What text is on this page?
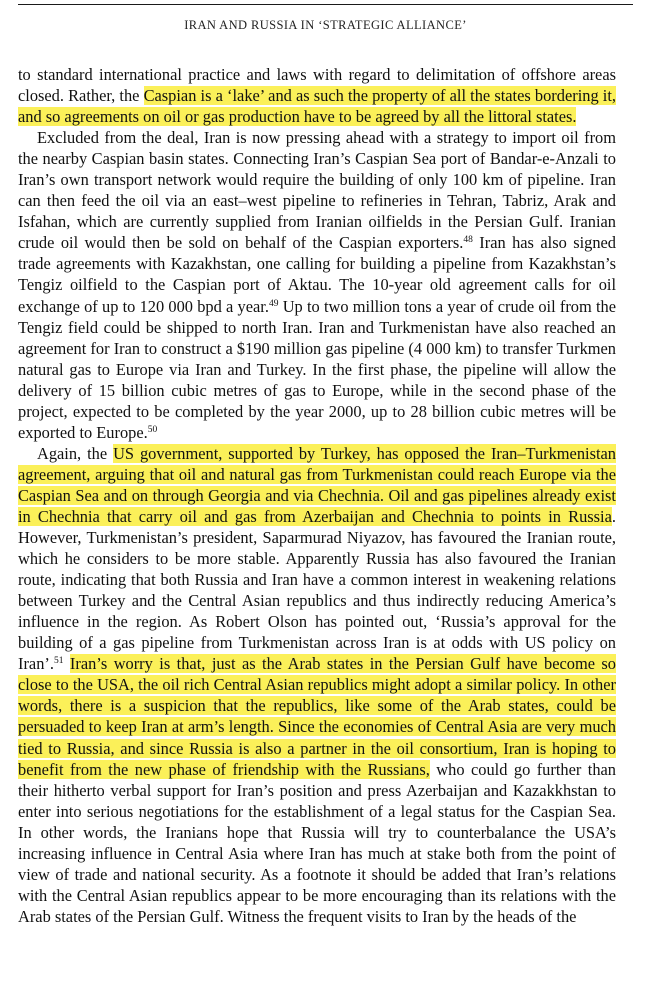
IRAN AND RUSSIA IN ‘STRATEGIC ALLIANCE’

to standard international practice and laws with regard to delimitation of offshore areas closed. Rather, the Caspian is a ‘lake’ and as such the property of all the states bordering it, and so agreements on oil or gas production have to be agreed by all the littoral states.

Excluded from the deal, Iran is now pressing ahead with a strategy to import oil from the nearby Caspian basin states. Connecting Iran’s Caspian Sea port of Bandar-e-Anzali to Iran’s own transport network would require the building of only 100 km of pipeline. Iran can then feed the oil via an east–west pipeline to refineries in Tehran, Tabriz, Arak and Isfahan, which are currently supplied from Iranian oilfields in the Persian Gulf. Iranian crude oil would then be sold on behalf of the Caspian exporters.$^{48}$ Iran has also signed trade agreements with Kazakhstan, one calling for building a pipeline from Kazakhstan’s Tengiz oilfield to the Caspian port of Aktau. The 10-year old agreement calls for oil exchange of up to 120 000 bpd a year.$^{49}$ Up to two million tons a year of crude oil from the Tengiz field could be shipped to north Iran. Iran and Turkmenistan have also reached an agreement for Iran to construct a $190 million gas pipeline (4 000 km) to transfer Turkmen natural gas to Europe via Iran and Turkey. In the first phase, the pipeline will allow the delivery of 15 billion cubic metres of gas to Europe, while in the second phase of the project, expected to be completed by the year 2000, up to 28 billion cubic metres will be exported to Europe.$^{50}$

Again, the US government, supported by Turkey, has opposed the Iran–Turkmenistan agreement, arguing that oil and natural gas from Turkmenistan could reach Europe via the Caspian Sea and on through Georgia and via Chechnia. Oil and gas pipelines already exist in Chechnia that carry oil and gas from Azerbaijan and Chechnia to points in Russia. However, Turkmenistan’s president, Saparmurad Niyazov, has favoured the Iranian route, which he considers to be more stable. Apparently Russia has also favoured the Iranian route, indicating that both Russia and Iran have a common interest in weakening relations between Turkey and the Central Asian republics and thus indirectly reducing America’s influence in the region. As Robert Olson has pointed out, ‘Russia’s approval for the building of a gas pipeline from Turkmenistan across Iran is at odds with US policy on Iran’.$^{51}$ Iran’s worry is that, just as the Arab states in the Persian Gulf have become so close to the USA, the oil rich Central Asian republics might adopt a similar policy. In other words, there is a suspicion that the republics, like some of the Arab states, could be persuaded to keep Iran at arm’s length. Since the economies of Central Asia are very much tied to Russia, and since Russia is also a partner in the oil consortium, Iran is hoping to benefit from the new phase of friendship with the Russians, who could go further than their hitherto verbal support for Iran’s position and press Azerbaijan and Kazakkhstan to enter into serious negotiations for the establishment of a legal status for the Caspian Sea. In other words, the Iranians hope that Russia will try to counterbalance the USA’s increasing influence in Central Asia where Iran has much at stake both from the point of view of trade and national security. As a footnote it should be added that Iran’s relations with the Central Asian republics appear to be more encouraging than its relations with the Arab states of the Persian Gulf. Witness the frequent visits to Iran by the heads of the
